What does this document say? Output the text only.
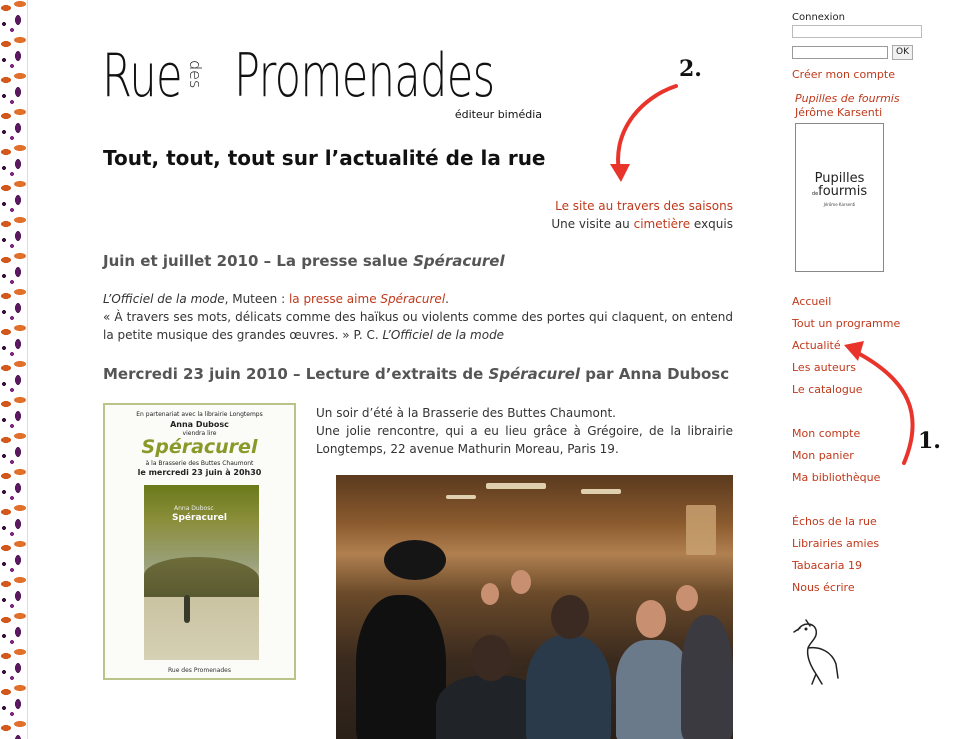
Rue des Promenades
éditeur bimédia
Tout, tout, tout sur l’actualité de la rue
2.
Le site au travers des saisons
Une visite au cimetière exquis
Juin et juillet 2010 – La presse salue Spéracurel
L’Officiel de la mode, Muteen : la presse aime Spéracurel.
« À travers ses mots, délicats comme des haïkus ou violents comme des portes qui claquent, on entend la petite musique des grandes œuvres. » P. C. L’Officiel de la mode
Mercredi 23 juin 2010 – Lecture d’extraits de Spéracurel par Anna Dubosc
En partenariat avec la librairie Longtemps
Anna Dubosc
viendra lire
Spéracurel
à la Brasserie des Buttes Chaumont
le mercredi 23 juin à 20h30
Anna Dubosc
Spéracurel
Rue des Promenades
Un soir d’été à la Brasserie des Buttes Chaumont.
Une jolie rencontre, qui a eu lieu grâce à Grégoire, de la librairie Longtemps, 22 avenue Mathurin Moreau, Paris 19.	1.
Connexion
OK
Créer mon compte
Pupilles de fourmis
Jérôme Karsenti
Pupilles
defourmis
Jérôme Karsenti
Accueil
Tout un programme
Actualité
Les auteurs
Le catalogue
Mon compte
Mon panier
Ma bibliothèque
Échos de la rue
Librairies amies
Tabacaria 19
Nous écrire
